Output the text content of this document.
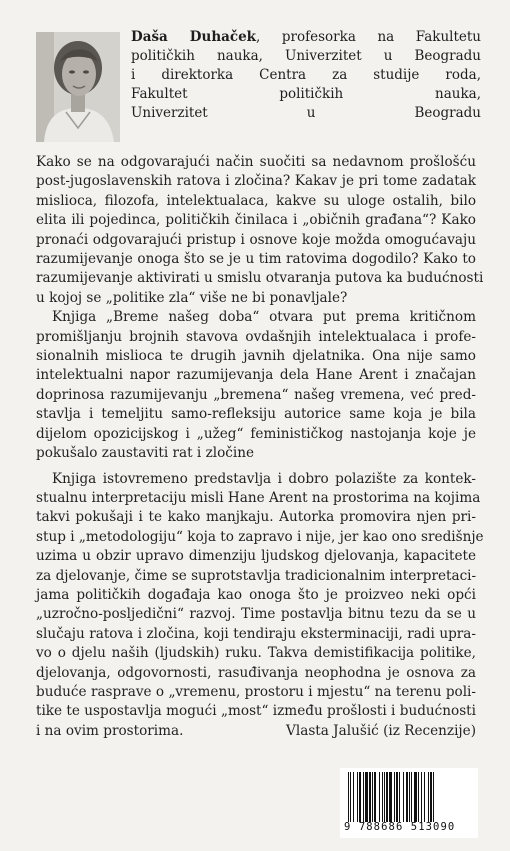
Daša Duhaček, profesorka na Fakultetu
političkih nauka, Univerzitet u Beogradu
i direktorka Centra za studije roda,
Fakultet političkih nauka,
Univerzitet u Beogradu
Kako se na odgovarajući način suočiti sa nedavnom prošlošću
post-jugoslavenskih ratova i zločina? Kakav je pri tome zadatak
mislioca, filozofa, intelektualaca, kakve su uloge ostalih, bilo
elita ili pojedinca, političkih činilaca i „običnih građana“? Kako
pronaći odgovarajući pristup i osnove koje možda omogućavaju
razumijevanje onoga što se je u tim ratovima dogodilo? Kako to
razumijevanje aktivirati u smislu otvaranja putova ka budućnosti
u kojoj se „politike zla“ više ne bi ponavljale?
Knjiga „Breme našeg doba“ otvara put prema kritičnom
promišljanju brojnih stavova ovdašnjih intelektualaca i profe-
sionalnih mislioca te drugih javnih djelatnika. Ona nije samo
intelektualni napor razumijevanja dela Hane Arent i značajan
doprinosa razumijevanju „bremena“ našeg vremena, već pred-
stavlja i temeljitu samo-refleksiju autorice same koja je bila
dijelom opozicijskog i „užeg“ feminističkog nastojanja koje je
pokušalo zaustaviti rat i zločine
Knjiga istovremeno predstavlja i dobro polazište za kontek-
stualnu interpretaciju misli Hane Arent na prostorima na kojima
takvi pokušaji i te kako manjkaju. Autorka promovira njen pri-
stup i „metodologiju“ koja to zapravo i nije, jer kao ono središnje
uzima u obzir upravo dimenziju ljudskog djelovanja, kapacitete
za djelovanje, čime se suprotstavlja tradicionalnim interpretaci-
jama političkih događaja kao onoga što je proizveo neki opći
„uzročno-posljedični“ razvoj. Time postavlja bitnu tezu da se u
slučaju ratova i zločina, koji tendiraju eksterminaciji, radi upra-
vo o djelu naših (ljudskih) ruku. Takva demistifikacija politike,
djelovanja, odgovornosti, rasuđivanja neophodna je osnova za
buduće rasprave o „vremenu, prostoru i mjestu“ na terenu poli-
tike te uspostavlja mogući „most“ između prošlosti i budućnosti
i na ovim prostorima.	Vlasta Jalušić (iz Recenzije)
9 788686 513090
